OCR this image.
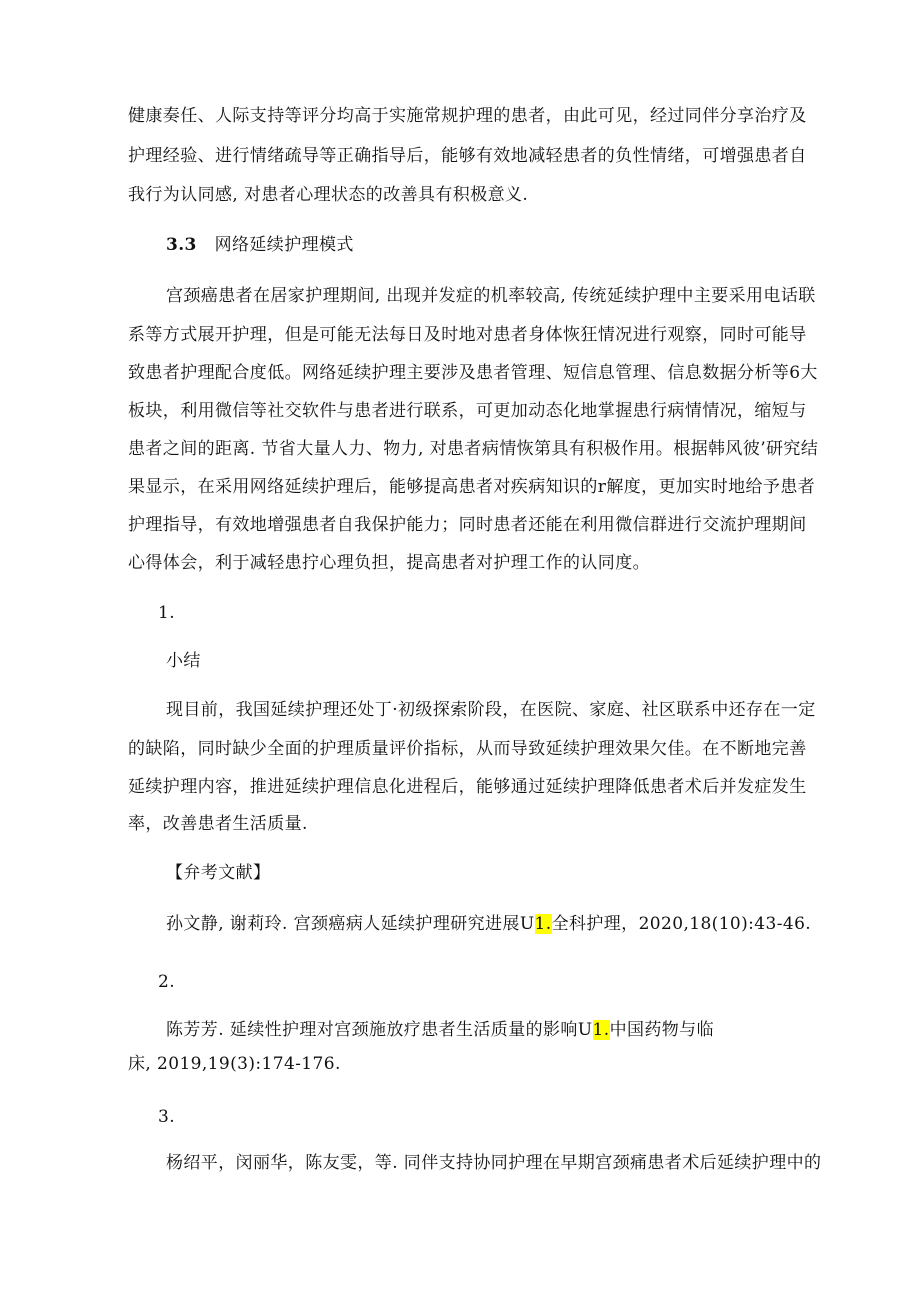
健康奏任、人际支持等评分均高于实施常规护理的患者，由此可见，经过同伴分享治疗及
护理经验、进行情绪疏导等正确指导后，能够有效地减轻患者的负性情绪，可增强患者自
我行为认同感, 对患者心理状态的改善具有积极意义.
3.3 网络延续护理模式
宫颈癌患者在居家护理期间, 出现并发症的机率较高, 传统延续护理中主要采用电话联
系等方式展开护理，但是可能无法每日及时地对患者身体恢狂情况进行观察，同时可能导
致患者护理配合度低。网络延续护理主要涉及患者管理、短信息管理、信息数据分析等6大
板块，利用微信等社交软件与患者进行联系，可更加动态化地掌握患行病情情况，缩短与
患者之间的距离. 节省大量人力、物力, 对患者病情恢第具有积极作用。根据韩风彼’研究结
果显示，在采用网络延续护理后，能够提高患者对疾病知识的r解度，更加实时地给予患者
护理指导，有效地增强患者自我保护能力；同时患者还能在利用微信群进行交流护理期间
心得体会，利于减轻患拧心理负担，提高患者对护理工作的认同度。
1.
小结
现目前，我国延续护理还处丁·初级探索阶段，在医院、家庭、社区联系中还存在一定
的缺陷，同时缺少全面的护理质量评价指标，从而导致延续护理效果欠佳。在不断地完善
延续护理内容，推进延续护理信息化进程后，能够通过延续护理降低患者术后并发症发生
率，改善患者生活质量.
【弁考文献】
孙文静, 谢莉玲. 宫颈癌病人延续护理研究进展U1.全科护理，2020,18(10):43-46.
2.
陈芳芳. 延续性护理对宫颈施放疗患者生活质量的影响U1.中国药物与临
床, 2019,19(3):174-176.
3.
杨绍平，闵丽华，陈友雯，等. 同伴支持协同护理在早期宫颈痛患者术后延续护理中的
